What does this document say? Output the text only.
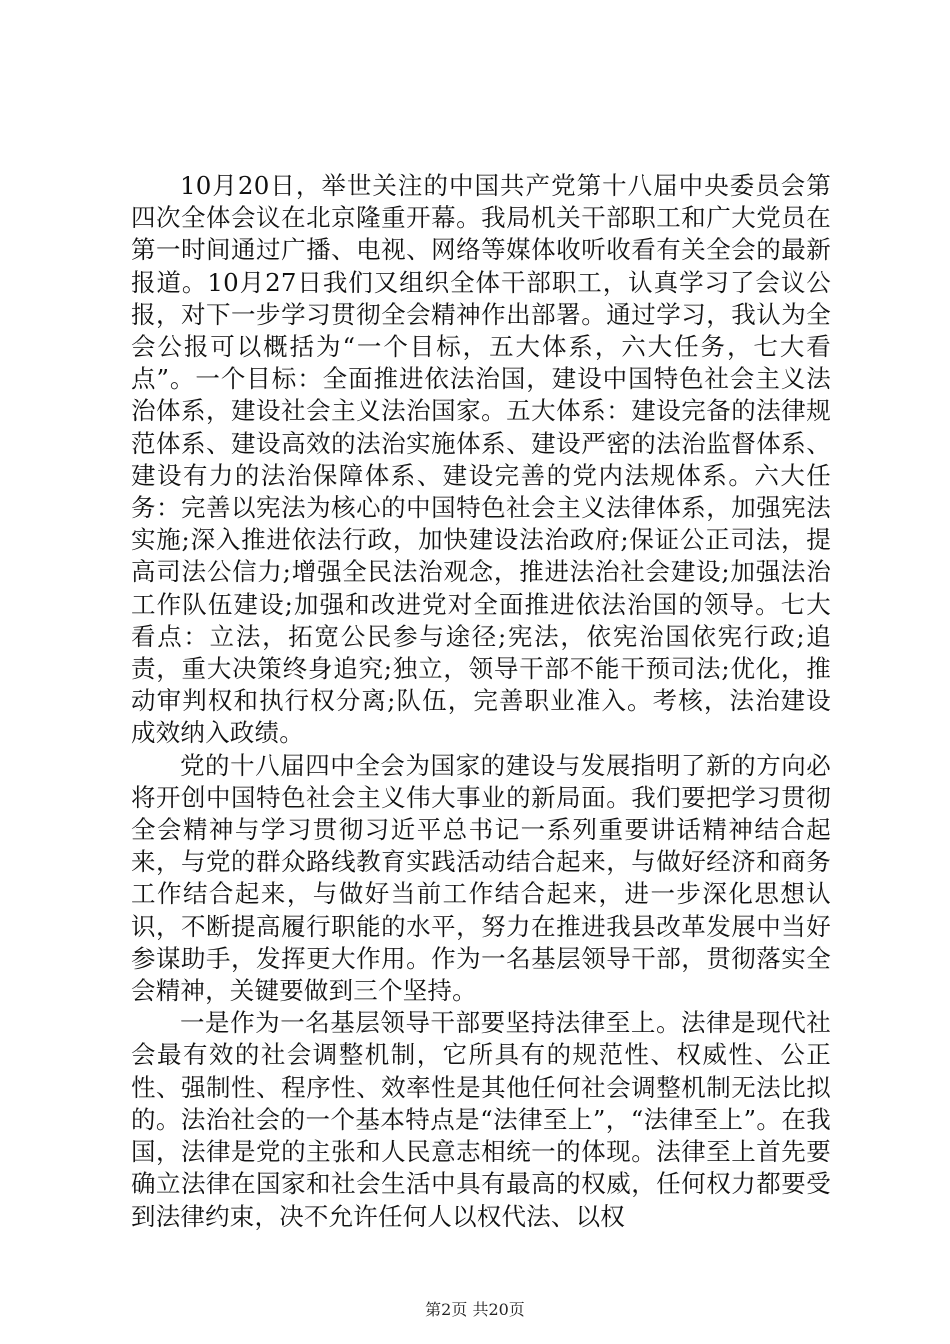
10月20日，举世关注的中国共产党第十八届中央委员会第四次全体会议在北京隆重开幕。我局机关干部职工和广大党员在第一时间通过广播、电视、网络等媒体收听收看有关全会的最新报道。10月27日我们又组织全体干部职工，认真学习了会议公报，对下一步学习贯彻全会精神作出部署。通过学习，我认为全会公报可以概括为“一个目标，五大体系，六大任务，七大看点”。一个目标：全面推进依法治国，建设中国特色社会主义法治体系，建设社会主义法治国家。五大体系：建设完备的法律规范体系、建设高效的法治实施体系、建设严密的法治监督体系、建设有力的法治保障体系、建设完善的党内法规体系。六大任务：完善以宪法为核心的中国特色社会主义法律体系，加强宪法实施;深入推进依法行政，加快建设法治政府;保证公正司法，提高司法公信力;增强全民法治观念，推进法治社会建设;加强法治工作队伍建设;加强和改进党对全面推进依法治国的领导。七大看点：立法，拓宽公民参与途径;宪法，依宪治国依宪行政;追责，重大决策终身追究;独立，领导干部不能干预司法;优化，推动审判权和执行权分离;队伍，完善职业准入。考核，法治建设成效纳入政绩。

党的十八届四中全会为国家的建设与发展指明了新的方向必将开创中国特色社会主义伟大事业的新局面。我们要把学习贯彻全会精神与学习贯彻习近平总书记一系列重要讲话精神结合起来，与党的群众路线教育实践活动结合起来，与做好经济和商务工作结合起来，与做好当前工作结合起来，进一步深化思想认识，不断提高履行职能的水平，努力在推进我县改革发展中当好参谋助手，发挥更大作用。作为一名基层领导干部，贯彻落实全会精神，关键要做到三个坚持。

一是作为一名基层领导干部要坚持法律至上。法律是现代社会最有效的社会调整机制，它所具有的规范性、权威性、公正性、强制性、程序性、效率性是其他任何社会调整机制无法比拟的。法治社会的一个基本特点是“法律至上”，“法律至上”。在我国，法律是党的主张和人民意志相统一的体现。法律至上首先要确立法律在国家和社会生活中具有最高的权威，任何权力都要受到法律约束，决不允许任何人以权代法、以权

第2页 共20页
